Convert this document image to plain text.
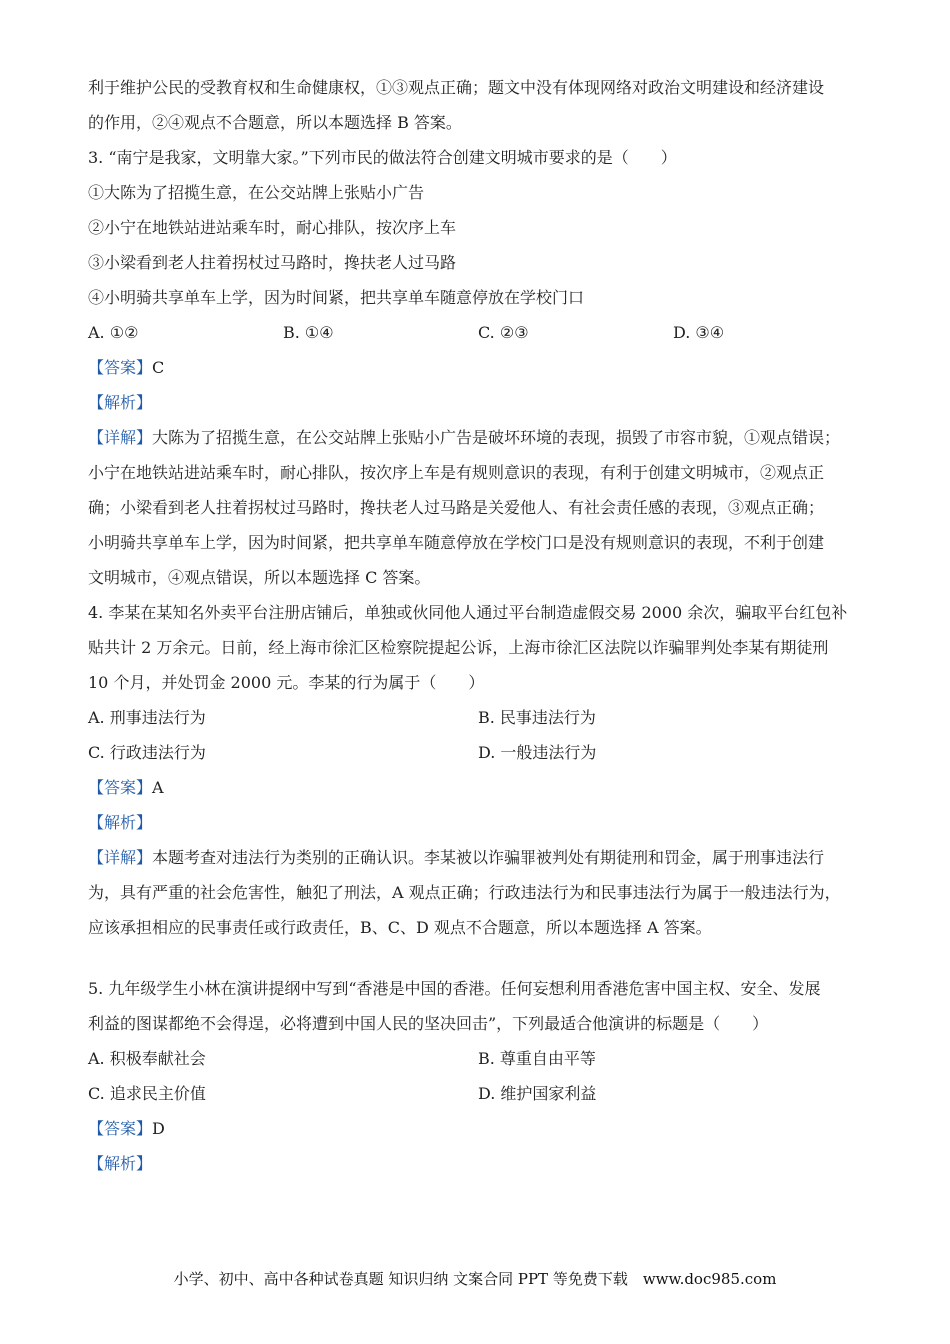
利于维护公民的受教育权和生命健康权，①③观点正确；题文中没有体现网络对政治文明建设和经济建设
的作用，②④观点不合题意，所以本题选择 B 答案。
3. “南宁是我家，文明靠大家。”下列市民的做法符合创建文明城市要求的是（　　）
①大陈为了招揽生意，在公交站牌上张贴小广告
②小宁在地铁站进站乘车时，耐心排队，按次序上车
③小梁看到老人拄着拐杖过马路时，搀扶老人过马路
④小明骑共享单车上学，因为时间紧，把共享单车随意停放在学校门口
A. ①②	B. ①④	C. ②③	D. ③④
【答案】C
【解析】
【详解】大陈为了招揽生意，在公交站牌上张贴小广告是破坏环境的表现，损毁了市容市貌，①观点错误；
小宁在地铁站进站乘车时，耐心排队，按次序上车是有规则意识的表现，有利于创建文明城市，②观点正
确；小梁看到老人拄着拐杖过马路时，搀扶老人过马路是关爱他人、有社会责任感的表现，③观点正确；
小明骑共享单车上学，因为时间紧，把共享单车随意停放在学校门口是没有规则意识的表现，不利于创建
文明城市，④观点错误，所以本题选择 C 答案。
4. 李某在某知名外卖平台注册店铺后，单独或伙同他人通过平台制造虚假交易 2000 余次，骗取平台红包补
贴共计 2 万余元。日前，经上海市徐汇区检察院提起公诉，上海市徐汇区法院以诈骗罪判处李某有期徒刑
10 个月，并处罚金 2000 元。李某的行为属于（　　）
A. 刑事违法行为	B. 民事违法行为
C. 行政违法行为	D. 一般违法行为
【答案】A
【解析】
【详解】本题考查对违法行为类别的正确认识。李某被以诈骗罪被判处有期徒刑和罚金，属于刑事违法行
为，具有严重的社会危害性，触犯了刑法，A 观点正确；行政违法行为和民事违法行为属于一般违法行为，
应该承担相应的民事责任或行政责任，B、C、D 观点不合题意，所以本题选择 A 答案。
5. 九年级学生小林在演讲提纲中写到“香港是中国的香港。任何妄想利用香港危害中国主权、安全、发展
利益的图谋都绝不会得逞，必将遭到中国人民的坚决回击”，下列最适合他演讲的标题是（　　）
A. 积极奉献社会	B. 尊重自由平等
C. 追求民主价值	D. 维护国家利益
【答案】D
【解析】
小学、初中、高中各种试卷真题 知识归纳 文案合同 PPT 等免费下载　www.doc985.com
